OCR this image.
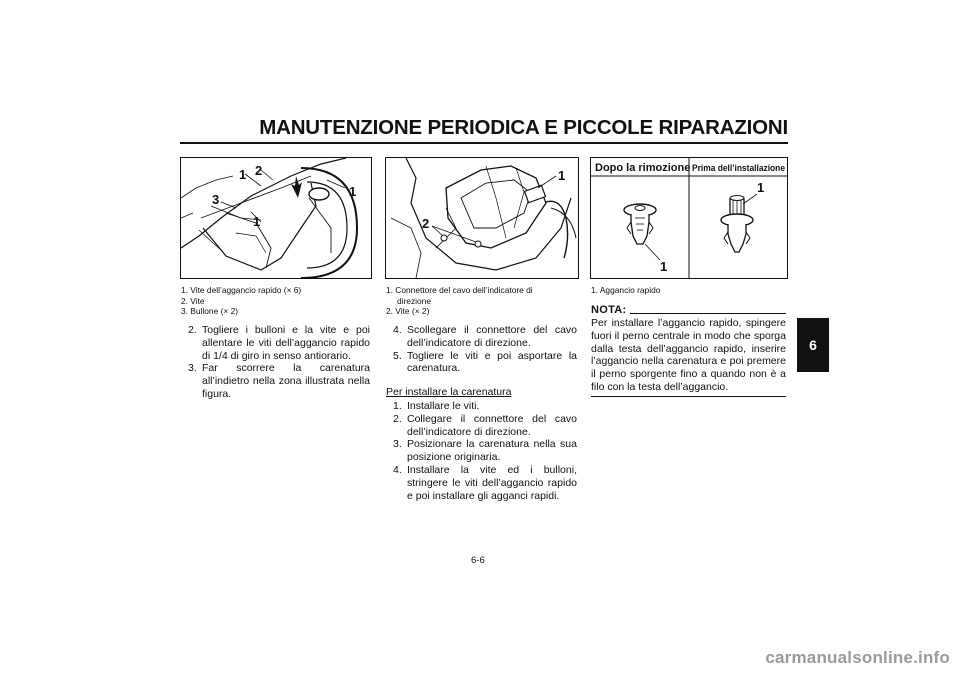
MANUTENZIONE PERIODICA E PICCOLE RIPARAZIONI
6
1 2
3
1
1
1. Vite dell’aggancio rapido (× 6)
2. Vite
3. Bullone (× 2)
1
2
1. Connettore del cavo dell’indicatore di
direzione
2. Vite (× 2)
Dopo la rimozione Prima dell’installazione
1
1
1. Aggancio rapido
2. Togliere i bulloni e la vite e poi allentare le viti dell’aggancio rapido di 1/4 di giro in senso antiorario.
3. Far scorrere la carenatura all’indietro nella zona illustrata nella figura.
4. Scollegare il connettore del cavo dell’indicatore di direzione.
5. Togliere le viti e poi asportare la carenatura.
Per installare la carenatura
1. Installare le viti.
2. Collegare il connettore del cavo dell’indicatore di direzione.
3. Posizionare la carenatura nella sua posizione originaria.
4. Installare la vite ed i bulloni, stringere le viti dell’aggancio rapido e poi installare gli agganci rapidi.
NOTA:
Per installare l’aggancio rapido, spingere fuori il perno centrale in modo che sporga dalla testa dell’aggancio rapido, inserire l’aggancio nella carenatura e poi premere il perno sporgente fino a quando non è a filo con la testa dell’aggancio.
6-6
carmanualsonline.info
